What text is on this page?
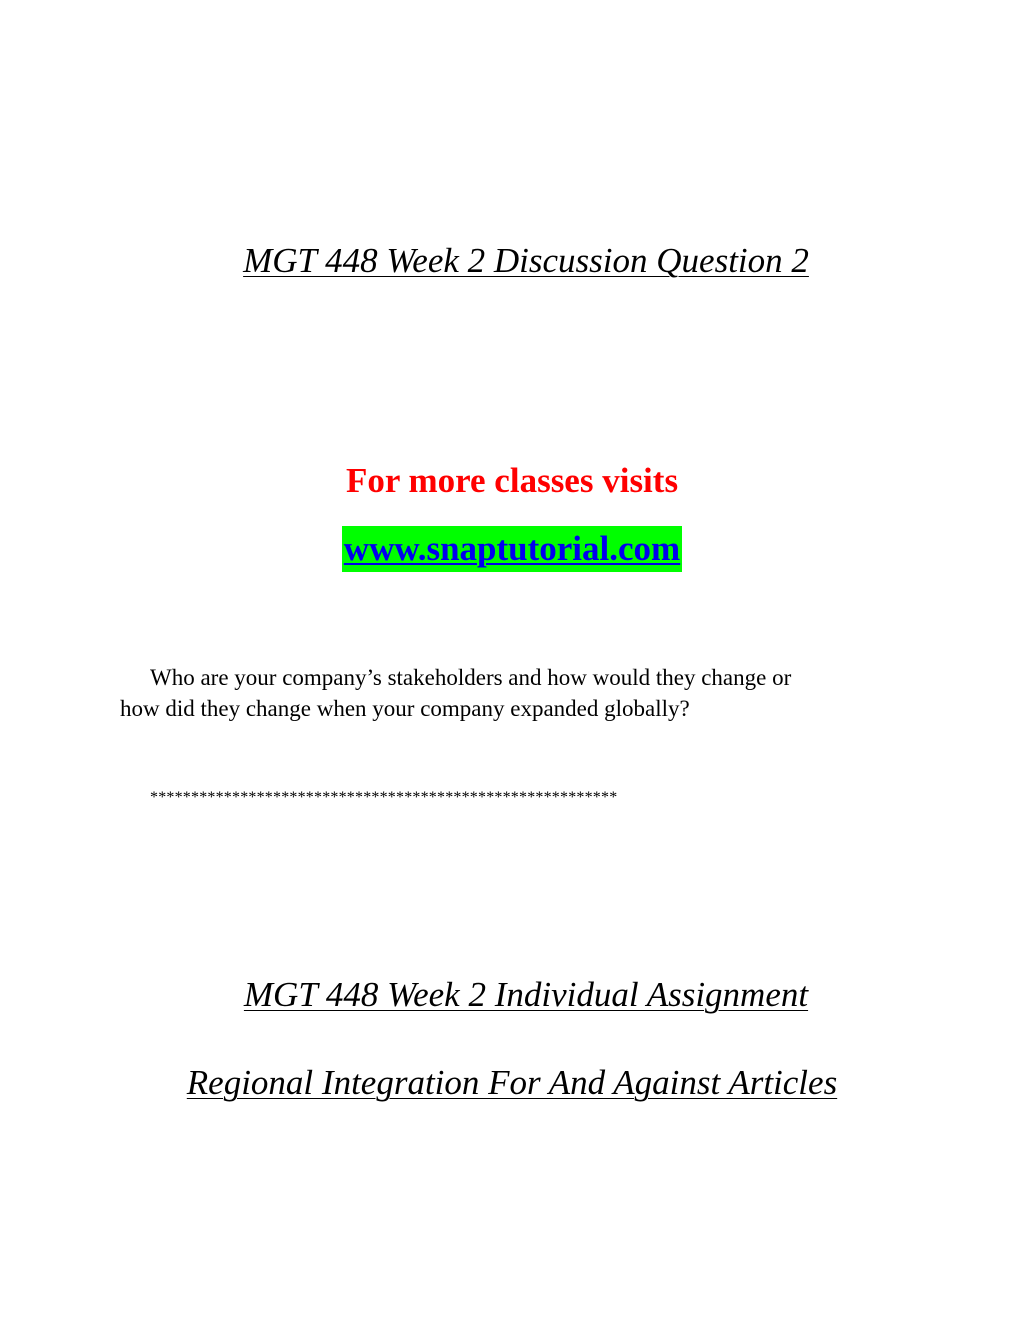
MGT 448 Week 2 Discussion Question 2
For more classes visits
www.snaptutorial.com
Who are your company’s stakeholders and how would they change or
how did they change when your company expanded globally?
*********************************************************
MGT 448 Week 2 Individual Assignment
Regional Integration For And Against Articles
